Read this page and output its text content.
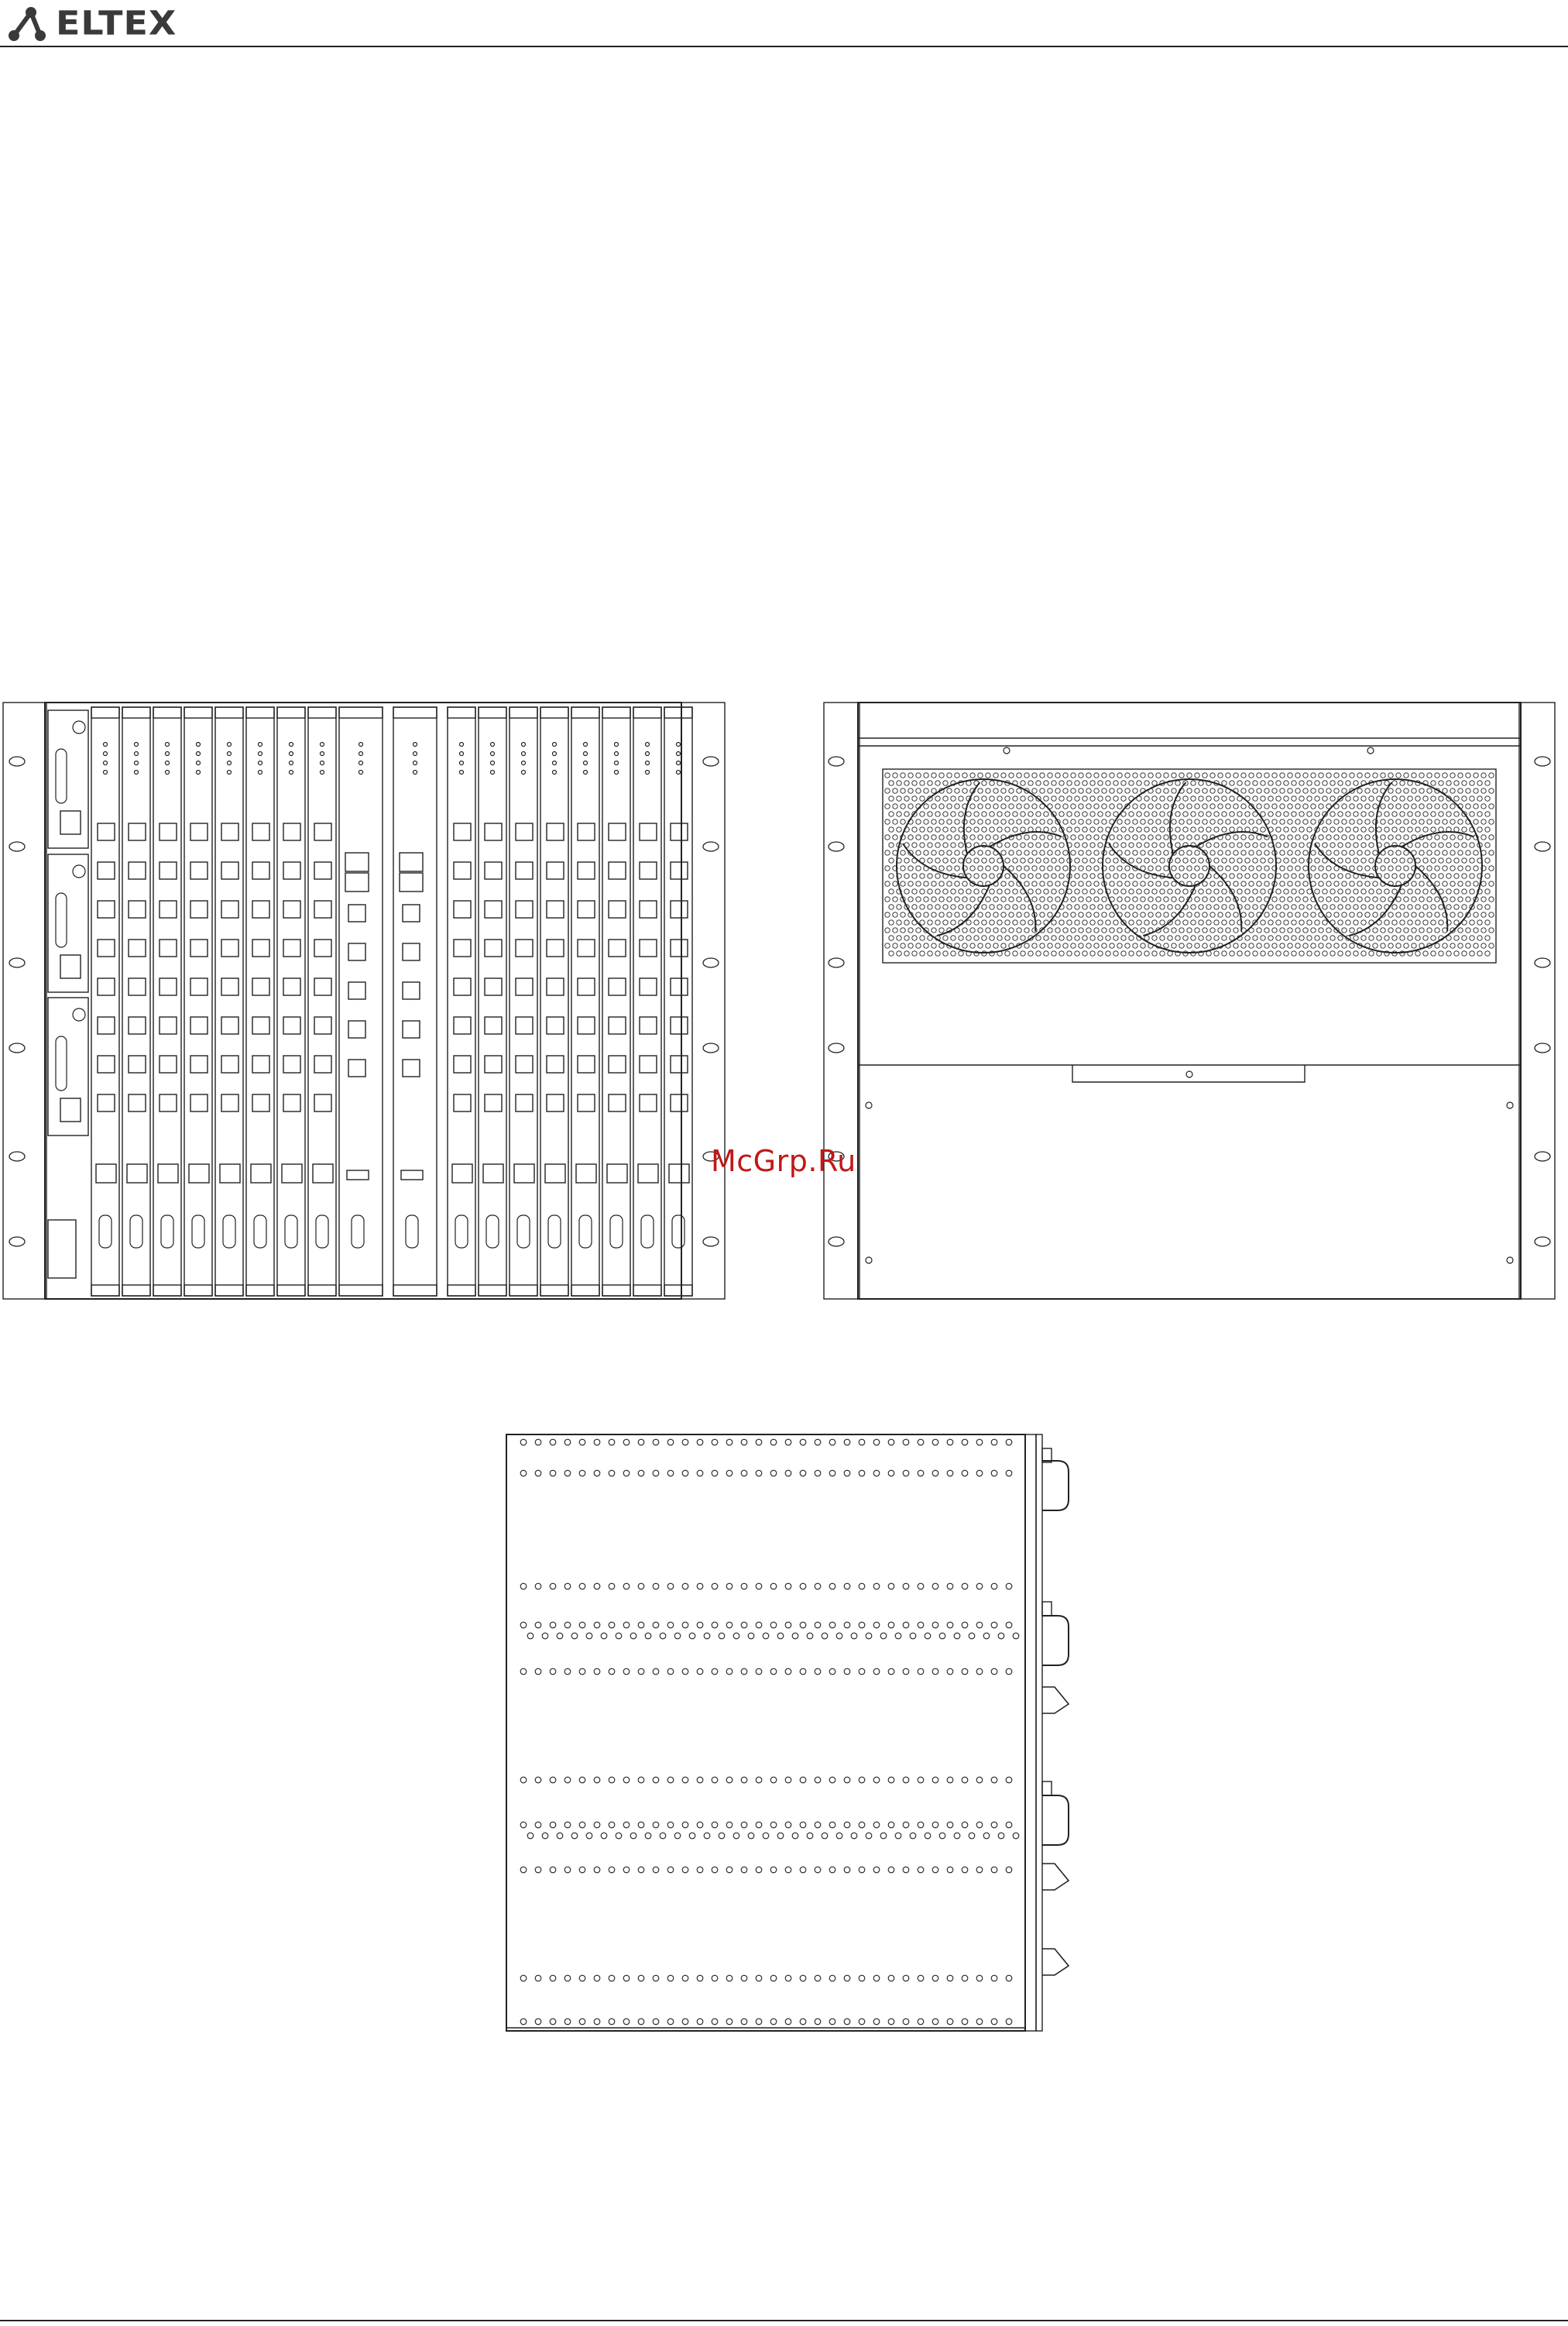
ELTEX
McGrp.Ru
